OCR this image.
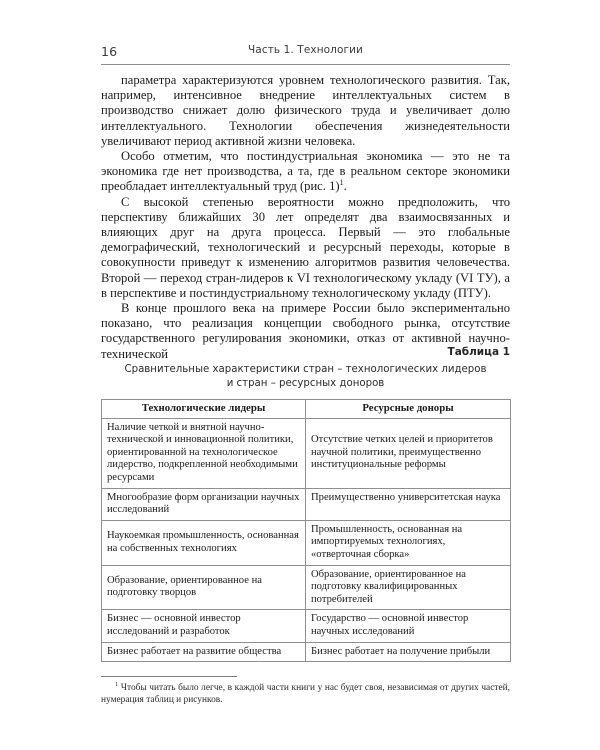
16	Часть 1. Технологии

параметра характеризуются уровнем технологического развития. Так, например, интенсивное внедрение интеллектуальных систем в производство снижает долю физического труда и увеличивает долю интеллектуального. Технологии обеспечения жизнедеятельности увеличивают период активной жизни человека.

Особо отметим, что постиндустриальная экономика — это не та экономика где нет производства, а та, где в реальном секторе экономики преобладает интеллектуальный труд (рис. 1)$^1$.

С высокой степенью вероятности можно предположить, что перспективу ближайших 30 лет определят два взаимосвязанных и влияющих друг на друга процесса. Первый — это глобальные демографический, технологический и ресурсный переходы, которые в совокупности приведут к изменению алгоритмов развития человечества. Второй — переход стран-лидеров к VI технологическому укладу (VI ТУ), а в перспективе и постиндустриальному технологическому укладу (ПТУ).

В конце прошлого века на примере России было экспериментально показано, что реализация концепции свободного рынка, отсутствие государственного регулирования экономики, отказ от активной научно-технической	Таблица 1
Сравнительные характеристики стран – технологических лидеров
и стран – ресурсных доноров
Технологические лидеры	Ресурсные доноры
Наличие четкой и внятной научно-технической и инновационной политики, ориентированной на технологическое лидерство, подкрепленной необходимыми ресурсами	Отсутствие четких целей и приоритетов научной политики, преимущественно институциональные реформы
Многообразие форм организации научных исследований	Преимущественно университетская наука
Наукоемкая промышленность, основанная на собственных технологиях	Промышленность, основанная на импортируемых технологиях, «отверточная сборка»
Образование, ориентированное на подготовку творцов	Образование, ориентированное на подготовку квалифицированных потребителей
Бизнес — основной инвестор исследований и разработок	Государство — основной инвестор научных исследований
Бизнес работает на развитие общества	Бизнес работает на получение прибыли
$^1$ Чтобы читать было легче, в каждой части книги у нас будет своя, независимая от других частей, нумерация таблиц и рисунков.
